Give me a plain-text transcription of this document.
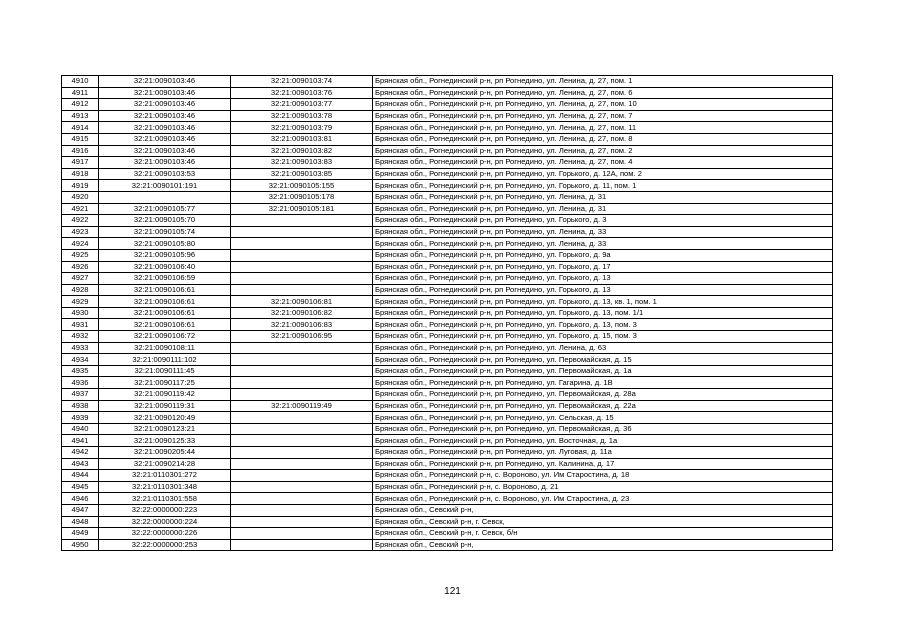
4910	32:21:0090103:46	32:21:0090103:74	Брянская обл., Рогнединский р-н, рп Рогнедино, ул. Ленина, д. 27, пом. 1
4911	32:21:0090103:46	32:21:0090103:76	Брянская обл., Рогнединский р-н, рп Рогнедино, ул. Ленина, д. 27, пом. 6
4912	32:21:0090103:46	32:21:0090103:77	Брянская обл., Рогнединский р-н, рп Рогнедино, ул. Ленина, д. 27, пом. 10
4913	32:21:0090103:46	32:21:0090103:78	Брянская обл., Рогнединский р-н, рп Рогнедино, ул. Ленина, д. 27, пом. 7
4914	32:21:0090103:46	32:21:0090103:79	Брянская обл., Рогнединский р-н, рп Рогнедино, ул. Ленина, д. 27, пом. 11
4915	32:21:0090103:46	32:21:0090103:81	Брянская обл., Рогнединский р-н, рп Рогнедино, ул. Ленина, д. 27, пом. 8
4916	32:21:0090103:46	32:21:0090103:82	Брянская обл., Рогнединский р-н, рп Рогнедино, ул. Ленина, д. 27, пом. 2
4917	32:21:0090103:46	32:21:0090103:83	Брянская обл., Рогнединский р-н, рп Рогнедино, ул. Ленина, д. 27, пом. 4
4918	32:21:0090103:53	32:21:0090103:85	Брянская обл., Рогнединский р-н, рп Рогнедино, ул. Горького, д. 12А, пом. 2
4919	32:21:0090101:191	32:21:0090105:155	Брянская обл., Рогнединский р-н, рп Рогнедино, ул. Горького, д. 11, пом. 1
4920		32:21:0090105:178	Брянская обл., Рогнединский р-н, рп Рогнедино, ул. Ленина, д. 31
4921	32:21:0090105:77	32:21:0090105:181	Брянская обл., Рогнединский р-н, рп Рогнедино, ул. Ленина, д. 31
4922	32:21:0090105:70		Брянская обл., Рогнединский р-н, рп Рогнедино, ул. Горького, д. 3
4923	32:21:0090105:74		Брянская обл., Рогнединский р-н, рп Рогнедино, ул. Ленина, д. 33
4924	32:21:0090105:80		Брянская обл., Рогнединский р-н, рп Рогнедино, ул. Ленина, д. 33
4925	32:21:0090105:96		Брянская обл., Рогнединский р-н, рп Рогнедино, ул. Горького, д. 9а
4926	32:21:0090106:40		Брянская обл., Рогнединский р-н, рп Рогнедино, ул. Горького, д. 17
4927	32:21:0090106:59		Брянская обл., Рогнединский р-н, рп Рогнедино, ул. Горького, д. 13
4928	32:21:0090106:61		Брянская обл., Рогнединский р-н, рп Рогнедино, ул. Горького, д. 13
4929	32:21:0090106:61	32:21:0090106:81	Брянская обл., Рогнединский р-н, рп Рогнедино, ул. Горького, д. 13, кв. 1, пом. 1
4930	32:21:0090106:61	32:21:0090106:82	Брянская обл., Рогнединский р-н, рп Рогнедино, ул. Горького, д. 13, пом. 1/1
4931	32:21:0090106:61	32:21:0090106:83	Брянская обл., Рогнединский р-н, рп Рогнедино, ул. Горького, д. 13, пом. 3
4932	32:21:0090106:72	32:21:0090106:95	Брянская обл., Рогнединский р-н, рп Рогнедино, ул. Горького, д. 15, пом. 3
4933	32:21:0090108:11		Брянская обл., Рогнединский р-н, рп Рогнедино, ул. Ленина, д. 63
4934	32:21:0090111:102		Брянская обл., Рогнединский р-н, рп Рогнедино, ул. Первомайская, д. 15
4935	32:21:0090111:45		Брянская обл., Рогнединский р-н, рп Рогнедино, ул. Первомайская, д. 1а
4936	32:21:0090117:25		Брянская обл., Рогнединский р-н, рп Рогнедино, ул. Гагарина, д. 1В
4937	32:21:0090119:42		Брянская обл., Рогнединский р-н, рп Рогнедино, ул. Первомайская, д. 28а
4938	32:21:0090119:31	32:21:0090119:49	Брянская обл., Рогнединский р-н, рп Рогнедино, ул. Первомайская, д. 22а
4939	32:21:0090120:49		Брянская обл., Рогнединский р-н, рп Рогнедино, ул. Сельская, д. 15
4940	32:21:0090123:21		Брянская обл., Рогнединский р-н, рп Рогнедино, ул. Первомайская, д. 36
4941	32:21:0090125:33		Брянская обл., Рогнединский р-н, рп Рогнедино, ул. Восточная, д. 1а
4942	32:21:0090205:44		Брянская обл., Рогнединский р-н, рп Рогнедино, ул. Луговая, д. 11а
4943	32:21:0090214:28		Брянская обл., Рогнединский р-н, рп Рогнедино, ул. Калинина, д. 17
4944	32:21:0110301:272		Брянская обл., Рогнединский р-н, с. Вороново, ул. Им Старостина, д. 18
4945	32:21:0110301:348		Брянская обл., Рогнединский р-н, с. Вороново, д. 21
4946	32:21:0110301:558		Брянская обл., Рогнединский р-н, с. Вороново, ул. Им Старостина, д. 23
4947	32:22:0000000:223		Брянская обл., Севский р-н,
4948	32:22:0000000:224		Брянская обл., Севский р-н, г. Севск,
4949	32:22:0000000:226		Брянская обл., Севский р-н, г. Севск, б/н
4950	32:22:0000000:253		Брянская обл., Севский р-н,
121
